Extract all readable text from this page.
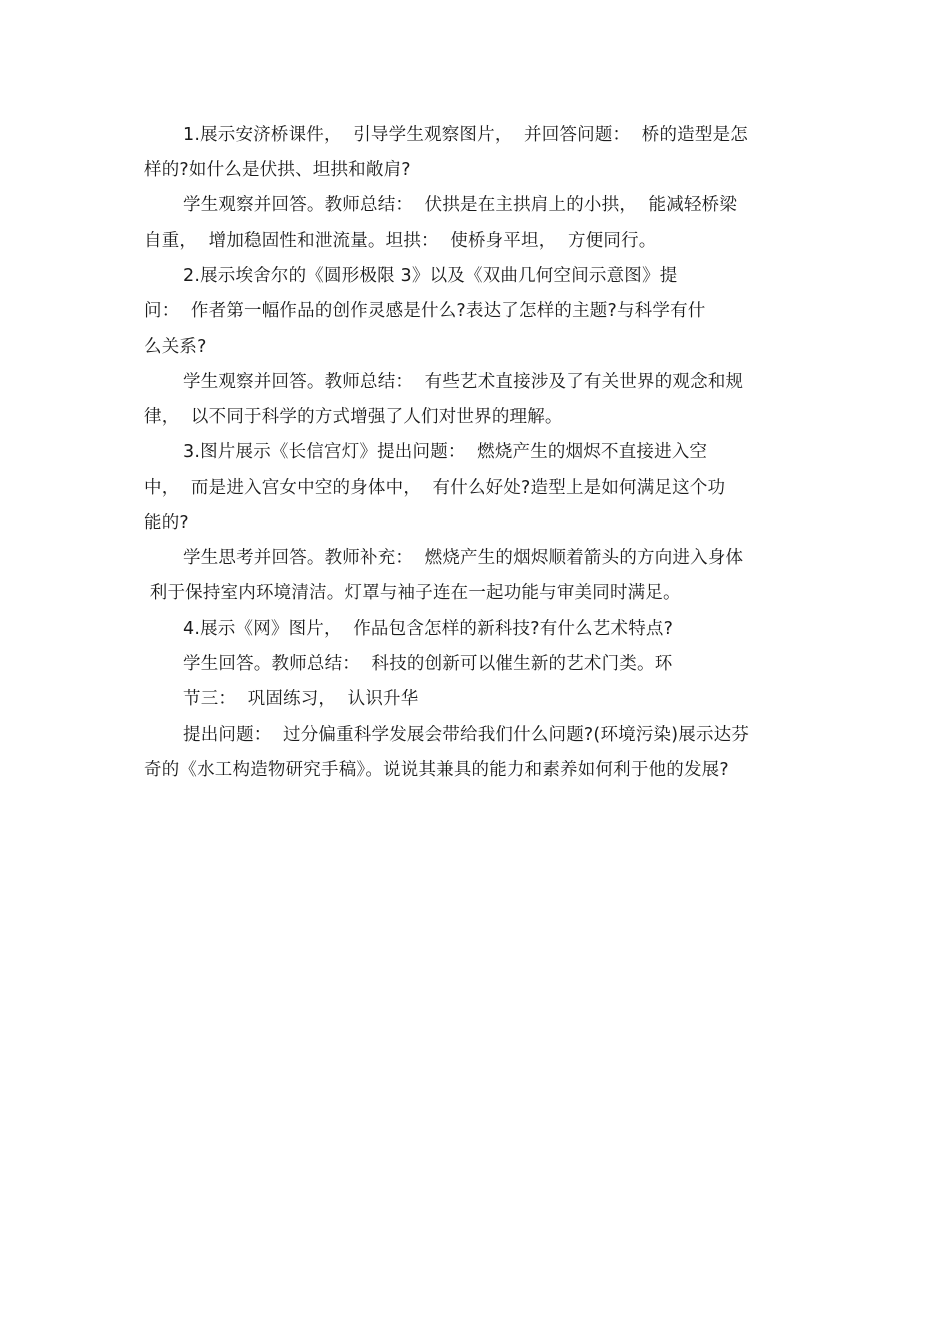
1.展示安济桥课件，  引导学生观察图片，  并回答问题：  桥的造型是怎
样的?如什么是伏拱、坦拱和敞肩?
学生观察并回答。教师总结：  伏拱是在主拱肩上的小拱，  能减轻桥梁
自重，  增加稳固性和泄流量。坦拱：  使桥身平坦，  方便同行。
2.展示埃舍尔的《圆形极限 3》以及《双曲几何空间示意图》提
问：  作者第一幅作品的创作灵感是什么?表达了怎样的主题?与科学有什
么关系?
学生观察并回答。教师总结：  有些艺术直接涉及了有关世界的观念和规
律，  以不同于科学的方式增强了人们对世界的理解。
3.图片展示《长信宫灯》提出问题：  燃烧产生的烟烬不直接进入空
中，  而是进入宫女中空的身体中，  有什么好处?造型上是如何满足这个功
能的?
学生思考并回答。教师补充：  燃烧产生的烟烬顺着箭头的方向进入身体
利于保持室内环境清洁。灯罩与袖子连在一起功能与审美同时满足。
4.展示《网》图片，  作品包含怎样的新科技?有什么艺术特点?
学生回答。教师总结：  科技的创新可以催生新的艺术门类。环
节三：  巩固练习，  认识升华
提出问题：  过分偏重科学发展会带给我们什么问题?(环境污染)展示达芬
奇的《水工构造物研究手稿》。说说其兼具的能力和素养如何利于他的发展?
